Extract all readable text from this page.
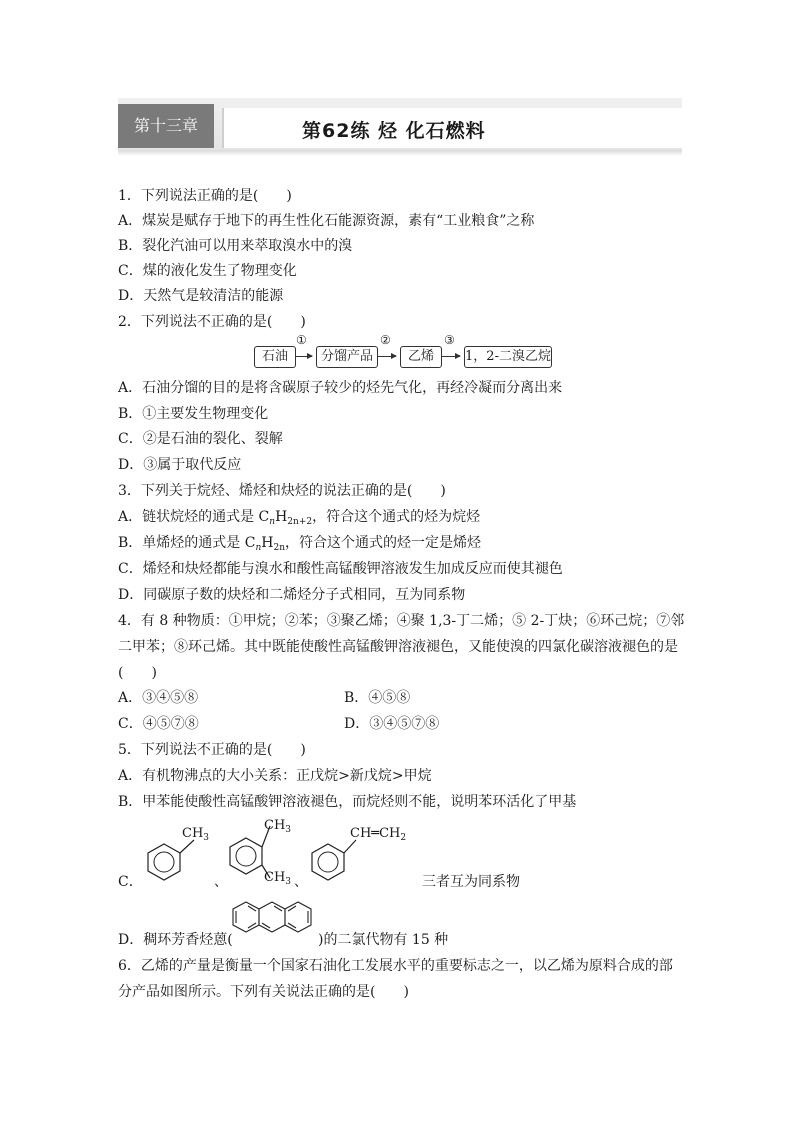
第十三章	第62练 烃 化石燃料
1．下列说法正确的是(　　)
A．煤炭是赋存于地下的再生性化石能源资源，素有“工业粮食”之称
B．裂化汽油可以用来萃取溴水中的溴
C．煤的液化发生了物理变化
D．天然气是较清洁的能源
2．下列说法不正确的是(　　)
石油
①
分馏产品
②
乙烯
③
1，2-二溴乙烷
A．石油分馏的目的是将含碳原子较少的烃先气化，再经冷凝而分离出来
B．①主要发生物理变化
C．②是石油的裂化、裂解
D．③属于取代反应
3．下列关于烷烃、烯烃和炔烃的说法正确的是(　　)
A．链状烷烃的通式是 $C_nH_{2n+2}$，符合这个通式的烃为烷烃
B．单烯烃的通式是 $C_nH_{2n}$，符合这个通式的烃一定是烯烃
C．烯烃和炔烃都能与溴水和酸性高锰酸钾溶液发生加成反应而使其褪色
D．同碳原子数的炔烃和二烯烃分子式相同，互为同系物
4．有 8 种物质：①甲烷；②苯；③聚乙烯；④聚 1,3-丁二烯；⑤ 2-丁炔；⑥环己烷；⑦邻
二甲苯；⑧环己烯。其中既能使酸性高锰酸钾溶液褪色，又能使溴的四氯化碳溶液褪色的是
(　　)
A．③④⑤⑧	B．④⑤⑧
C．④⑤⑦⑧	D．③④⑤⑦⑧
5．下列说法不正确的是(　　)
A．有机物沸点的大小关系：正戊烷>新戊烷>甲烷
B．甲苯能使酸性高锰酸钾溶液褪色，而烷烃则不能，说明苯环活化了甲基
C．
$CH_3$
、
$CH_3$
$CH_3$ 、
$CH═CH_2$
三者互为同系物
D．稠环芳香烃蒽(	)的二氯代物有 15 种
6．乙烯的产量是衡量一个国家石油化工发展水平的重要标志之一，以乙烯为原料合成的部
分产品如图所示。下列有关说法正确的是(　　)
